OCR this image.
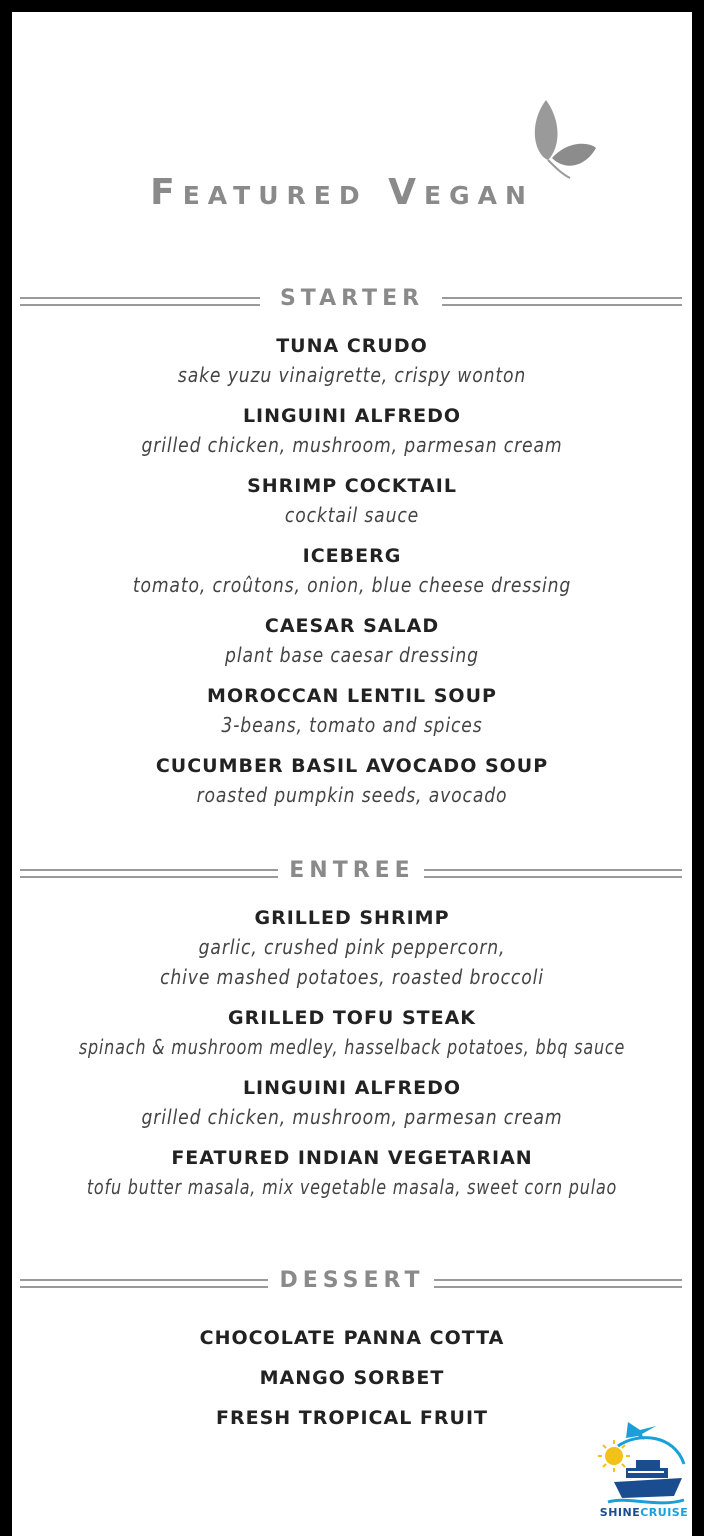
Featured Vegan
STARTER
TUNA CRUDO
sake yuzu vinaigrette, crispy wonton
LINGUINI ALFREDO
grilled chicken, mushroom, parmesan cream
SHRIMP COCKTAIL
cocktail sauce
ICEBERG
tomato, croûtons, onion, blue cheese dressing
CAESAR SALAD
plant base caesar dressing
MOROCCAN LENTIL SOUP
3-beans, tomato and spices
CUCUMBER BASIL AVOCADO SOUP
roasted pumpkin seeds, avocado
ENTREE
GRILLED SHRIMP
garlic, crushed pink peppercorn,
chive mashed potatoes, roasted broccoli
GRILLED TOFU STEAK
spinach & mushroom medley, hasselback potatoes, bbq sauce
LINGUINI ALFREDO
grilled chicken, mushroom, parmesan cream
FEATURED INDIAN VEGETARIAN
tofu butter masala, mix vegetable masala, sweet corn pulao
DESSERT
CHOCOLATE PANNA COTTA
MANGO SORBET
FRESH TROPICAL FRUIT
SHINECRUISE
